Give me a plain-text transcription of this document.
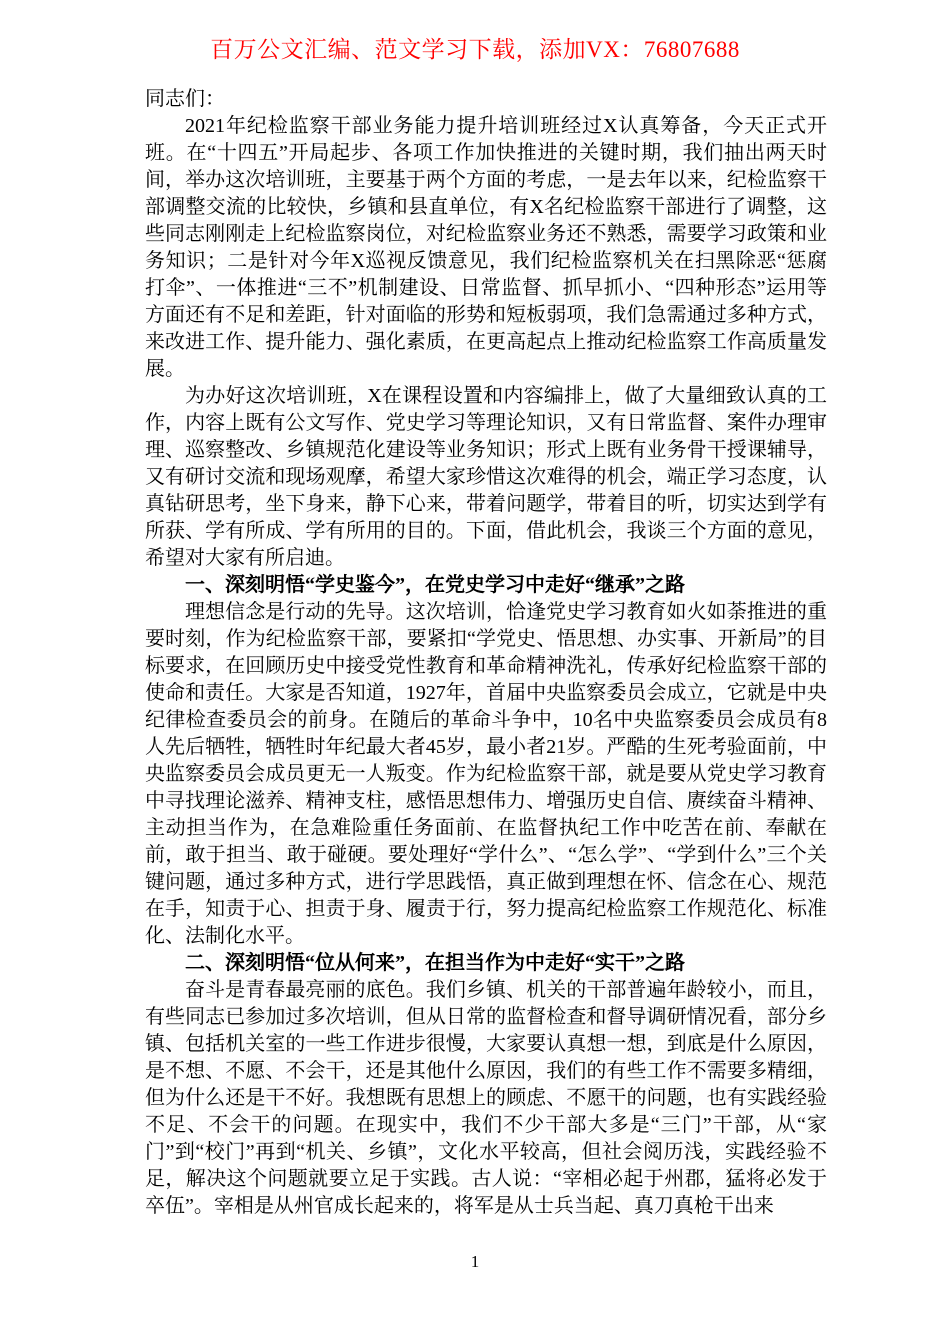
百万公文汇编、范文学习下载，添加VX：76807688

同志们：

2021年纪检监察干部业务能力提升培训班经过X认真筹备，今天正式开班。在“十四五”开局起步、各项工作加快推进的关键时期，我们抽出两天时间，举办这次培训班，主要基于两个方面的考虑，一是去年以来，纪检监察干部调整交流的比较快，乡镇和县直单位，有X名纪检监察干部进行了调整，这些同志刚刚走上纪检监察岗位，对纪检监察业务还不熟悉，需要学习政策和业务知识；二是针对今年X巡视反馈意见，我们纪检监察机关在扫黑除恶“惩腐打伞”、一体推进“三不”机制建设、日常监督、抓早抓小、“四种形态”运用等方面还有不足和差距，针对面临的形势和短板弱项，我们急需通过多种方式，来改进工作、提升能力、强化素质，在更高起点上推动纪检监察工作高质量发展。

为办好这次培训班，X在课程设置和内容编排上，做了大量细致认真的工作，内容上既有公文写作、党史学习等理论知识，又有日常监督、案件办理审理、巡察整改、乡镇规范化建设等业务知识；形式上既有业务骨干授课辅导，又有研讨交流和现场观摩，希望大家珍惜这次难得的机会，端正学习态度，认真钻研思考，坐下身来，静下心来，带着问题学，带着目的听，切实达到学有所获、学有所成、学有所用的目的。下面，借此机会，我谈三个方面的意见，希望对大家有所启迪。

一、深刻明悟“学史鉴今”，在党史学习中走好“继承”之路

理想信念是行动的先导。这次培训，恰逢党史学习教育如火如荼推进的重要时刻，作为纪检监察干部，要紧扣“学党史、悟思想、办实事、开新局”的目标要求，在回顾历史中接受党性教育和革命精神洗礼，传承好纪检监察干部的使命和责任。大家是否知道，1927年，首届中央监察委员会成立，它就是中央纪律检查委员会的前身。在随后的革命斗争中，10名中央监察委员会成员有8人先后牺牲，牺牲时年纪最大者45岁，最小者21岁。严酷的生死考验面前，中央监察委员会成员更无一人叛变。作为纪检监察干部，就是要从党史学习教育中寻找理论滋养、精神支柱，感悟思想伟力、增强历史自信、赓续奋斗精神、主动担当作为，在急难险重任务面前、在监督执纪工作中吃苦在前、奉献在前，敢于担当、敢于碰硬。要处理好“学什么”、“怎么学”、“学到什么”三个关键问题，通过多种方式，进行学思践悟，真正做到理想在怀、信念在心、规范在手，知责于心、担责于身、履责于行，努力提高纪检监察工作规范化、标准化、法制化水平。

二、深刻明悟“位从何来”，在担当作为中走好“实干”之路

奋斗是青春最亮丽的底色。我们乡镇、机关的干部普遍年龄较小，而且，有些同志已参加过多次培训，但从日常的监督检查和督导调研情况看，部分乡镇、包括机关室的一些工作进步很慢，大家要认真想一想，到底是什么原因，是不想、不愿、不会干，还是其他什么原因，我们的有些工作不需要多精细，但为什么还是干不好。我想既有思想上的顾虑、不愿干的问题，也有实践经验不足、不会干的问题。在现实中，我们不少干部大多是“三门”干部，从“家门”到“校门”再到“机关、乡镇”，文化水平较高，但社会阅历浅，实践经验不足，解决这个问题就要立足于实践。古人说：“宰相必起于州郡，猛将必发于卒伍”。宰相是从州官成长起来的，将军是从士兵当起、真刀真枪干出来

1
